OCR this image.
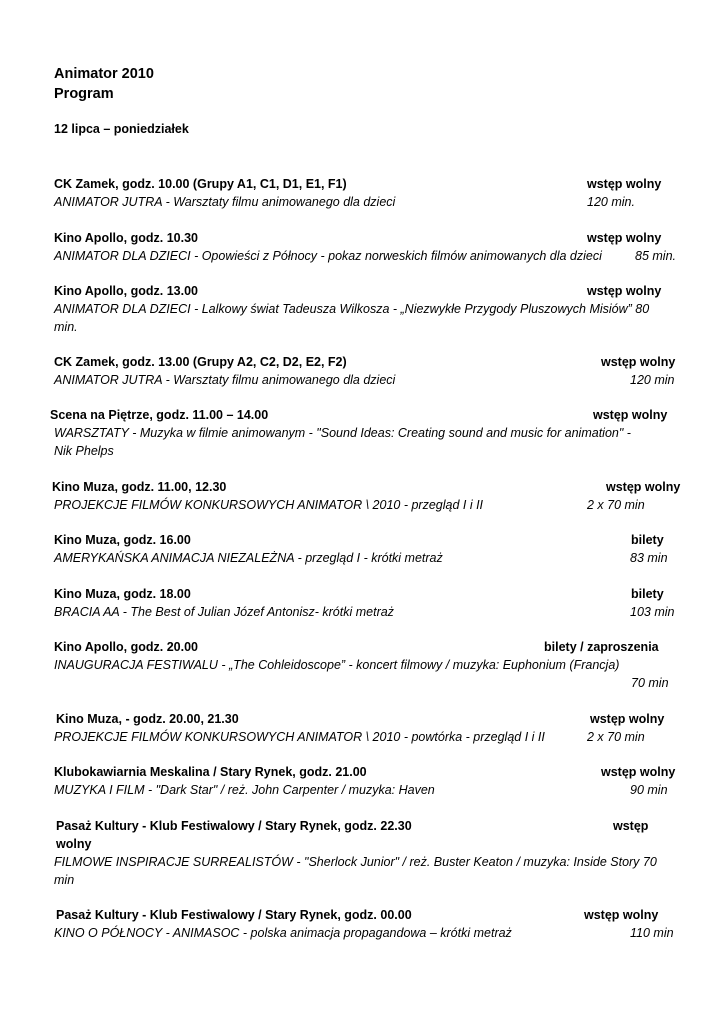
Animator 2010
Program
12 lipca – poniedziałek
CK Zamek, godz. 10.00 (Grupy A1, C1, D1, E1, F1)	wstęp wolny
ANIMATOR JUTRA - Warsztaty filmu animowanego dla dzieci	120 min.
Kino Apollo, godz. 10.30	wstęp wolny
ANIMATOR DLA DZIECI - Opowieści z Północy - pokaz norweskich filmów animowanych dla dzieci	85 min.
Kino Apollo, godz. 13.00	wstęp wolny
ANIMATOR DLA DZIECI - Lalkowy świat Tadeusza Wilkosza - „Niezwykłe Przygody Pluszowych Misiów” 80
min.
CK Zamek, godz. 13.00 (Grupy A2, C2, D2, E2, F2)	wstęp wolny
ANIMATOR JUTRA - Warsztaty filmu animowanego dla dzieci	120 min
Scena na Piętrze, godz. 11.00 – 14.00	wstęp wolny
WARSZTATY - Muzyka w filmie animowanym - "Sound Ideas: Creating sound and music for animation" -
Nik Phelps
Kino Muza, godz. 11.00, 12.30	wstęp wolny
PROJEKCJE FILMÓW KONKURSOWYCH ANIMATOR \ 2010 - przegląd I i II	2 x 70 min
Kino Muza, godz. 16.00	bilety
AMERYKAŃSKA ANIMACJA NIEZALEŻNA - przegląd I - krótki metraż	83 min
Kino Muza, godz. 18.00	bilety
BRACIA AA - The Best of Julian Józef Antonisz- krótki metraż	103 min
Kino Apollo, godz. 20.00	bilety / zaproszenia
INAUGURACJA FESTIWALU - „The Cohleidoscope” - koncert filmowy / muzyka: Euphonium (Francja)
70 min
Kino Muza, - godz. 20.00, 21.30	wstęp wolny
PROJEKCJE FILMÓW KONKURSOWYCH ANIMATOR \ 2010 - powtórka - przegląd I i II	2 x 70 min
Klubokawiarnia Meskalina / Stary Rynek, godz. 21.00	wstęp wolny
MUZYKA I FILM - "Dark Star" / reż. John Carpenter / muzyka: Haven	90 min
Pasaż Kultury - Klub Festiwalowy / Stary Rynek, godz. 22.30	wstęp
wolny
FILMOWE INSPIRACJE SURREALISTÓW - "Sherlock Junior" / reż. Buster Keaton / muzyka: Inside Story 70
min
Pasaż Kultury - Klub Festiwalowy / Stary Rynek, godz. 00.00	wstęp wolny
KINO O PÓŁNOCY - ANIMASOC - polska animacja propagandowa – krótki metraż	110 min
